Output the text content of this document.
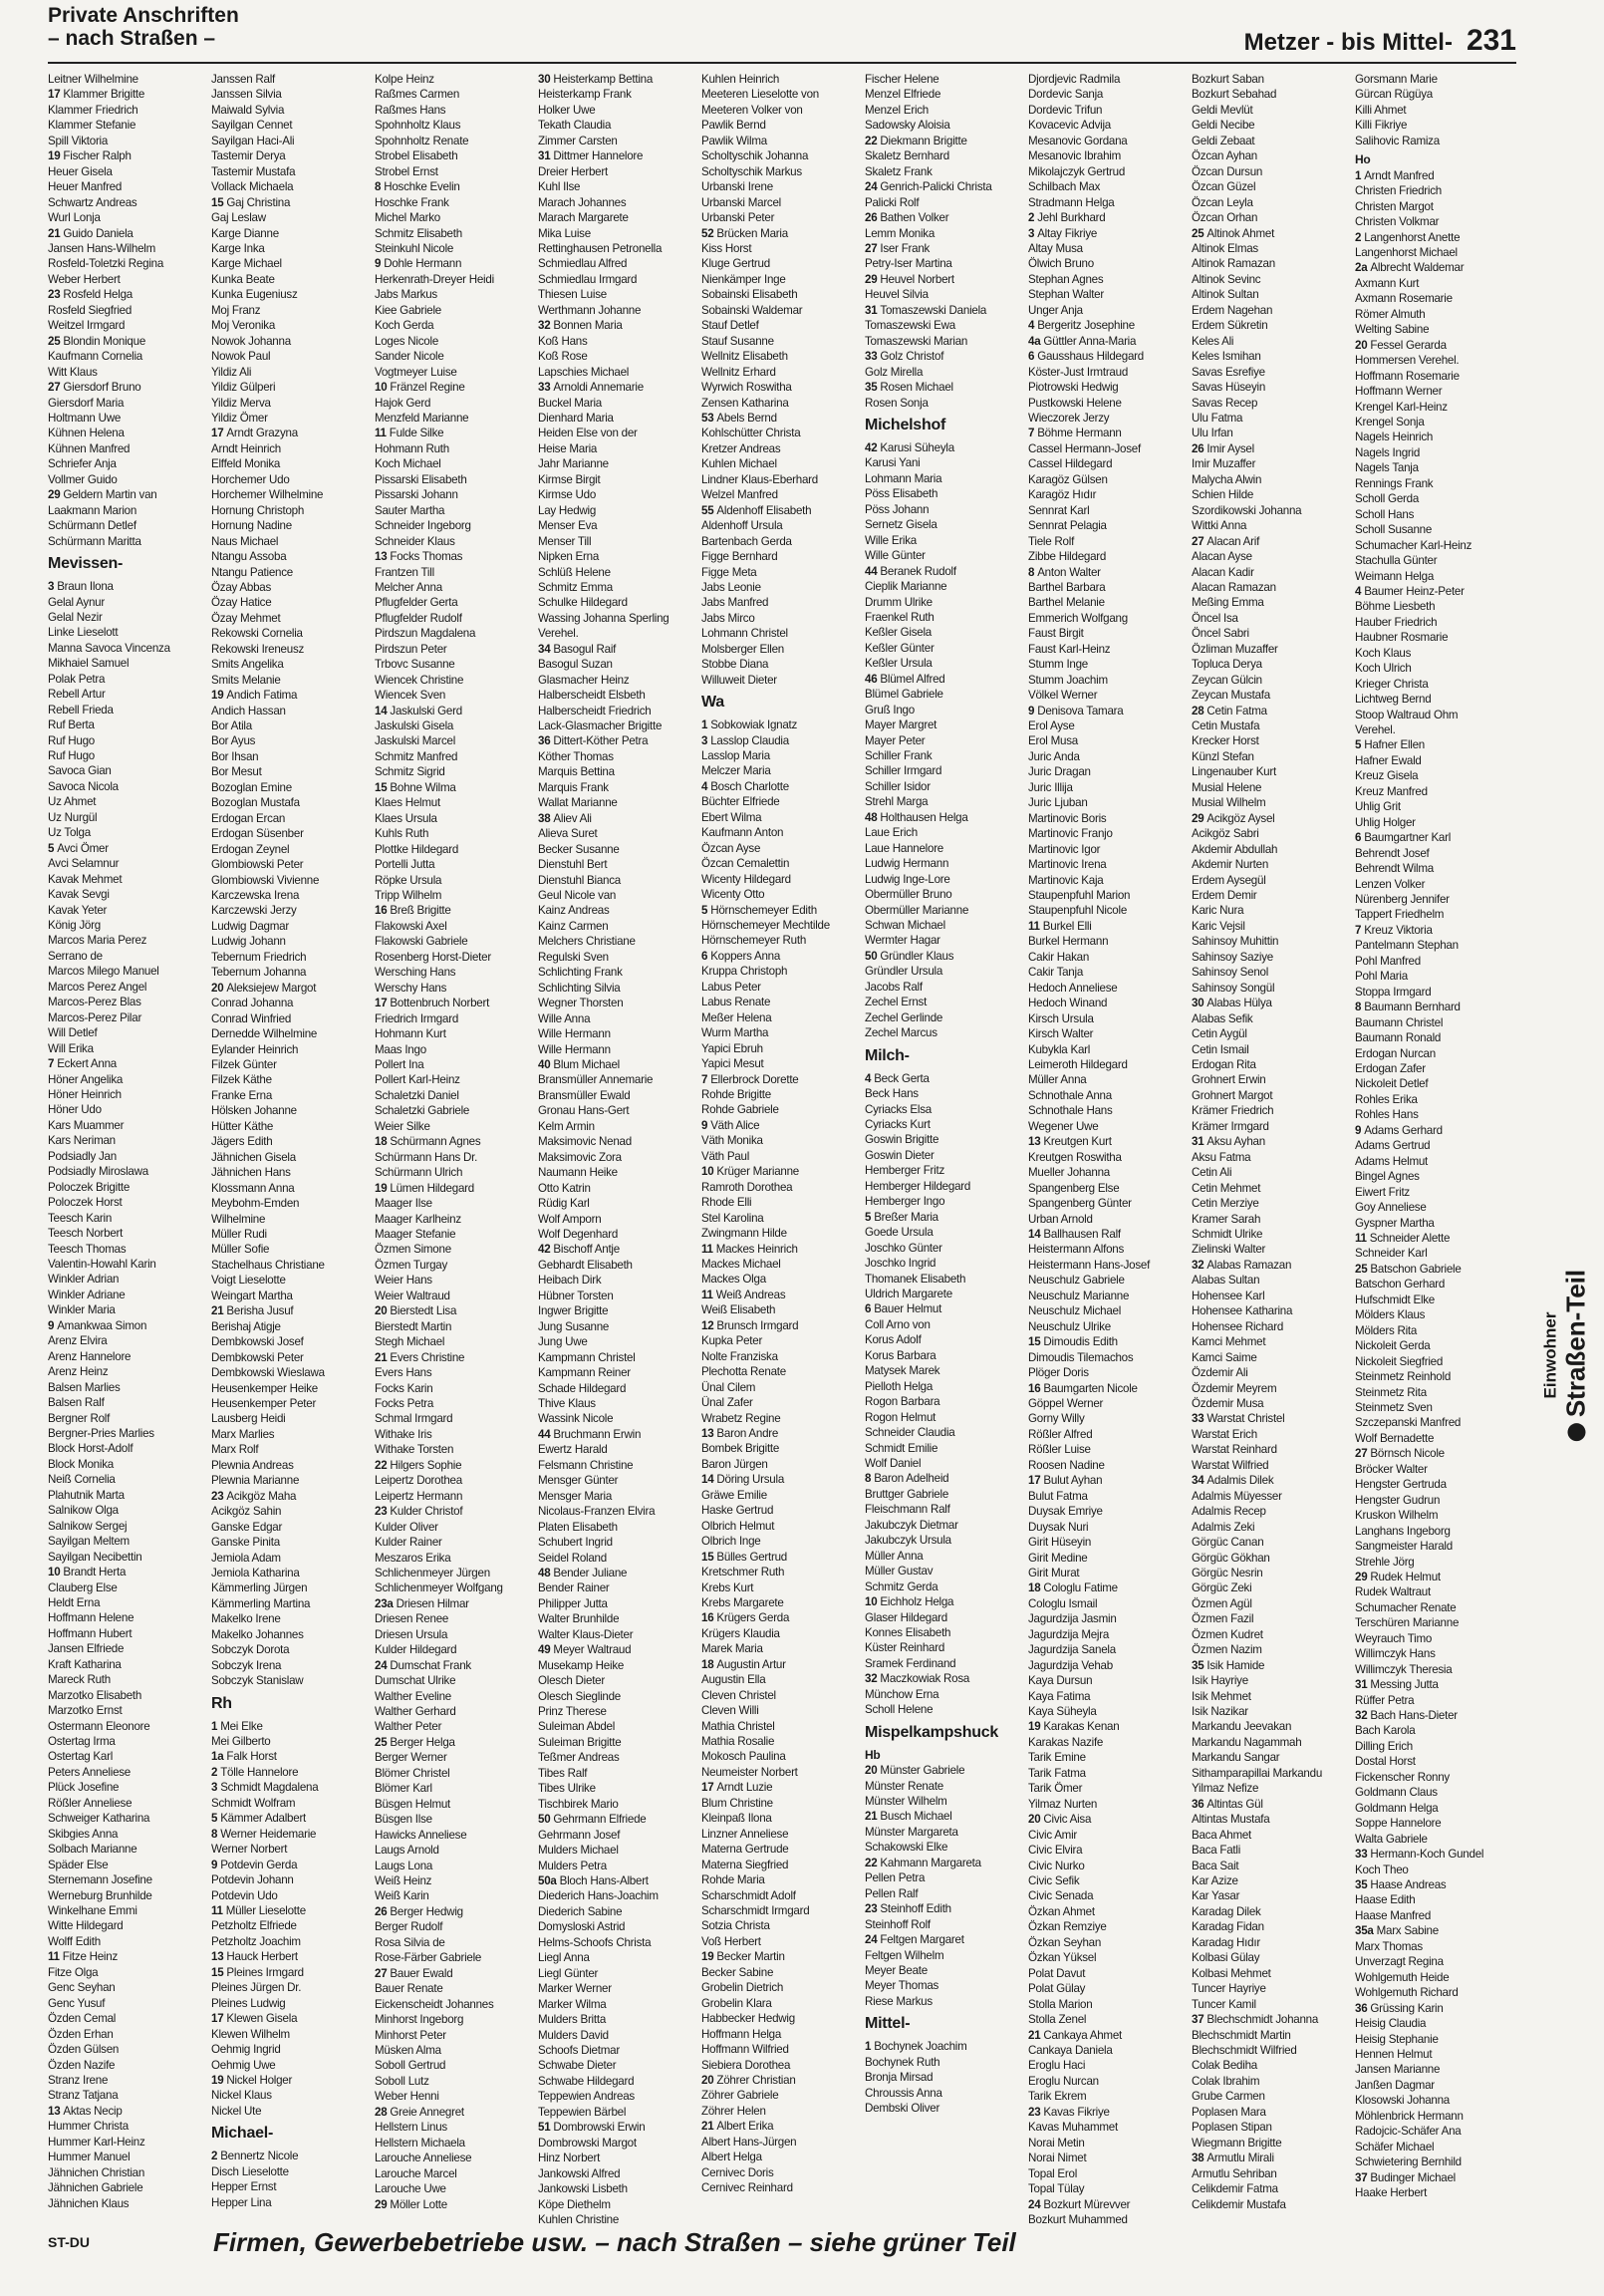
Private Anschriften
– nach Straßen –	Metzer - bis Mittel- 231
Leitner Wilhelmine
17 Klammer Brigitte
Klammer Friedrich
Klammer Stefanie
Spill Viktoria
19 Fischer Ralph
Heuer Gisela
Heuer Manfred
Schwartz Andreas
Wurl Lonja
21 Guido Daniela
Jansen Hans-Wilhelm
Rosfeld-Toletzki Regina
Weber Herbert
23 Rosfeld Helga
Rosfeld Siegfried
Weitzel Irmgard
25 Blondin Monique
Kaufmann Cornelia
Witt Klaus
27 Giersdorf Bruno
Giersdorf Maria
Holtmann Uwe
Kühnen Helena
Kühnen Manfred
Schriefer Anja
Vollmer Guido
29 Geldern Martin van
Laakmann Marion
Schürmann Detlef
Schürmann Maritta
Mevissen-
3 Braun Ilona
Gelal Aynur
Gelal Nezir
Linke Lieselott
Manna Savoca Vincenza
Mikhaiel Samuel
Polak Petra
Rebell Artur
Rebell Frieda
Ruf Berta
Ruf Hugo
Ruf Hugo
Savoca Gian
Savoca Nicola
Uz Ahmet
Uz Nurgül
Uz Tolga
5 Avci Ömer
Avci Selamnur
Kavak Mehmet
Kavak Sevgi
Kavak Yeter
König Jörg
Marcos Maria Perez
Serrano de
Marcos Milego Manuel
Marcos Perez Angel
Marcos-Perez Blas
Marcos-Perez Pilar
Will Detlef
Will Erika
7 Eckert Anna
Höner Angelika
Höner Heinrich
Höner Udo
Kars Muammer
Kars Neriman
Podsiadly Jan
Podsiadly Miroslawa
Poloczek Brigitte
Poloczek Horst
Teesch Karin
Teesch Norbert
Teesch Thomas
Valentin-Howahl Karin
Winkler Adrian
Winkler Adriane
Winkler Maria
9 Amankwaa Simon
Arenz Elvira
Arenz Hannelore
Arenz Heinz
Balsen Marlies
Balsen Ralf
Bergner Rolf
Bergner-Pries Marlies
Block Horst-Adolf
Block Monika
Neiß Cornelia
Plahutnik Marta
Salnikow Olga
Salnikow Sergej
Sayilgan Meltem
Sayilgan Necibettin
10 Brandt Herta
Clauberg Else
Heldt Erna
Hoffmann Helene
Hoffmann Hubert
Jansen Elfriede
Kraft Katharina
Mareck Ruth
Marzotko Elisabeth
Marzotko Ernst
Ostermann Eleonore
Ostertag Irma
Ostertag Karl
Peters Anneliese
Plück Josefine
Rößler Anneliese
Schweiger Katharina
Skibgies Anna
Solbach Marianne
Späder Else
Sternemann Josefine
Werneburg Brunhilde
Winkelhane Emmi
Witte Hildegard
Wolff Edith
11 Fitze Heinz
Fitze Olga
Genc Seyhan
Genc Yusuf
Özden Cemal
Özden Erhan
Özden Gülsen
Özden Nazife
Stranz Irene
Stranz Tatjana
13 Aktas Necip
Hummer Christa
Hummer Karl-Heinz
Hummer Manuel
Jähnichen Christian
Jähnichen Gabriele
Jähnichen Klaus
Janssen Ralf
Janssen Silvia
Maiwald Sylvia
Sayilgan Cennet
Sayilgan Haci-Ali
Tastemir Derya
Tastemir Mustafa
Vollack Michaela
15 Gaj Christina
Gaj Leslaw
Karge Dianne
Karge Inka
Karge Michael
Kunka Beate
Kunka Eugeniusz
Moj Franz
Moj Veronika
Nowok Johanna
Nowok Paul
Yildiz Ali
Yildiz Gülperi
Yildiz Merva
Yildiz Ömer
17 Arndt Grazyna
Arndt Heinrich
Elffeld Monika
Horchemer Udo
Horchemer Wilhelmine
Hornung Christoph
Hornung Nadine
Naus Michael
Ntangu Assoba
Ntangu Patience
Özay Abbas
Özay Hatice
Özay Mehmet
Rekowski Cornelia
Rekowski Ireneusz
Smits Angelika
Smits Melanie
19 Andich Fatima
Andich Hassan
Bor Atila
Bor Ayus
Bor Ihsan
Bor Mesut
Bozoglan Emine
Bozoglan Mustafa
Erdogan Ercan
Erdogan Süsenber
Erdogan Zeynel
Glombiowski Peter
Glombiowski Vivienne
Karczewska Irena
Karczewski Jerzy
Ludwig Dagmar
Ludwig Johann
Tebernum Friedrich
Tebernum Johanna
20 Aleksiejew Margot
Conrad Johanna
Conrad Winfried
Dernedde Wilhelmine
Eylander Heinrich
Filzek Günter
Filzek Käthe
Franke Erna
Hölsken Johanne
Hütter Käthe
Jägers Edith
Jähnichen Gisela
Jähnichen Hans
Klossmann Anna
Meybohm-Emden
Wilhelmine
Müller Rudi
Müller Sofie
Stachelhaus Christiane
Voigt Lieselotte
Weingart Martha
21 Berisha Jusuf
Berishaj Atigje
Dembkowski Josef
Dembkowski Peter
Dembkowski Wieslawa
Heusenkemper Heike
Heusenkemper Peter
Lausberg Heidi
Marx Marlies
Marx Rolf
Plewnia Andreas
Plewnia Marianne
23 Acikgöz Maha
Acikgöz Sahin
Ganske Edgar
Ganske Pinita
Jemiola Adam
Jemiola Katharina
Kämmerling Jürgen
Kämmerling Martina
Makelko Irene
Makelko Johannes
Sobczyk Dorota
Sobczyk Irena
Sobczyk Stanislaw
Rh
1 Mei Elke
Mei Gilberto
1a Falk Horst
2 Tölle Hannelore
3 Schmidt Magdalena
Schmidt Wolfram
5 Kämmer Adalbert
8 Werner Heidemarie
Werner Norbert
9 Potdevin Gerda
Potdevin Johann
Potdevin Udo
11 Müller Lieselotte
Petzholtz Elfriede
Petzholtz Joachim
13 Hauck Herbert
15 Pleines Irmgard
Pleines Jürgen Dr.
Pleines Ludwig
17 Klewen Gisela
Klewen Wilhelm
Oehmig Ingrid
Oehmig Uwe
19 Nickel Holger
Nickel Klaus
Nickel Ute
Michael-
2 Bennertz Nicole
Disch Lieselotte
Hepper Ernst
Hepper Lina
Kolpe Heinz
Raßmes Carmen
Raßmes Hans
Spohnholtz Klaus
Spohnholtz Renate
Strobel Elisabeth
Strobel Ernst
8 Hoschke Evelin
Hoschke Frank
Michel Marko
Schmitz Elisabeth
Steinkuhl Nicole
9 Dohle Hermann
Herkenrath-Dreyer Heidi
Jabs Markus
Kiee Gabriele
Koch Gerda
Loges Nicole
Sander Nicole
Vogtmeyer Luise
10 Fränzel Regine
Hajok Gerd
Menzfeld Marianne
11 Fulde Silke
Hohmann Ruth
Koch Michael
Pissarski Elisabeth
Pissarski Johann
Sauter Martha
Schneider Ingeborg
Schneider Klaus
13 Focks Thomas
Frantzen Till
Melcher Anna
Pflugfelder Gerta
Pflugfelder Rudolf
Pirdszun Magdalena
Pirdszun Peter
Trbovc Susanne
Wiencek Christine
Wiencek Sven
14 Jaskulski Gerd
Jaskulski Gisela
Jaskulski Marcel
Schmitz Manfred
Schmitz Sigrid
15 Bohne Wilma
Klaes Helmut
Klaes Ursula
Kuhls Ruth
Plottke Hildegard
Portelli Jutta
Röpke Ursula
Tripp Wilhelm
16 Breß Brigitte
Flakowski Axel
Flakowski Gabriele
Rosenberg Horst-Dieter
Wersching Hans
Werschy Hans
17 Bottenbruch Norbert
Friedrich Irmgard
Hohmann Kurt
Maas Ingo
Pollert Ina
Pollert Karl-Heinz
Schaletzki Daniel
Schaletzki Gabriele
Weier Silke
18 Schürmann Agnes
Schürmann Hans Dr.
Schürmann Ulrich
19 Lümen Hildegard
Maager Ilse
Maager Karlheinz
Maager Stefanie
Özmen Simone
Özmen Turgay
Weier Hans
Weier Waltraud
20 Bierstedt Lisa
Bierstedt Martin
Stegh Michael
21 Evers Christine
Evers Hans
Focks Karin
Focks Petra
Schmal Irmgard
Withake Iris
Withake Torsten
22 Hilgers Sophie
Leipertz Dorothea
Leipertz Hermann
23 Kulder Christof
Kulder Oliver
Kulder Rainer
Meszaros Erika
Schlichenmeyer Jürgen
Schlichenmeyer Wolfgang
23a Driesen Hilmar
Driesen Renee
Driesen Ursula
Kulder Hildegard
24 Dumschat Frank
Dumschat Ulrike
Walther Eveline
Walther Gerhard
Walther Peter
25 Berger Helga
Berger Werner
Blömer Christel
Blömer Karl
Büsgen Helmut
Büsgen Ilse
Hawicks Anneliese
Laugs Arnold
Laugs Lona
Weiß Heinz
Weiß Karin
26 Berger Hedwig
Berger Rudolf
Rosa Silvia de
Rose-Färber Gabriele
27 Bauer Ewald
Bauer Renate
Eickenscheidt Johannes
Minhorst Ingeborg
Minhorst Peter
Müsken Alma
Soboll Gertrud
Soboll Lutz
Weber Henni
28 Greie Annegret
Hellstern Linus
Hellstern Michaela
Larouche Anneliese
Larouche Marcel
Larouche Uwe
29 Möller Lotte
30 Heisterkamp Bettina
Heisterkamp Frank
Holker Uwe
Tekath Claudia
Zimmer Carsten
31 Dittmer Hannelore
Dreier Herbert
Kuhl Ilse
Marach Johannes
Marach Margarete
Mika Luise
Rettinghausen Petronella
Schmiedlau Alfred
Schmiedlau Irmgard
Thiesen Luise
Werthmann Johanne
32 Bonnen Maria
Koß Hans
Koß Rose
Lapschies Michael
33 Arnoldi Annemarie
Buckel Maria
Dienhard Maria
Heiden Else von der
Heise Maria
Jahr Marianne
Kirmse Birgit
Kirmse Udo
Lay Hedwig
Menser Eva
Menser Till
Nipken Erna
Schlüß Helene
Schmitz Emma
Schulke Hildegard
Wassing Johanna Sperling
Verehel.
34 Basogul Raif
Basogul Suzan
Glasmacher Heinz
Halberscheidt Elsbeth
Halberscheidt Friedrich
Lack-Glasmacher Brigitte
36 Dittert-Köther Petra
Köther Thomas
Marquis Bettina
Marquis Frank
Wallat Marianne
38 Aliev Ali
Alieva Suret
Becker Susanne
Dienstuhl Bert
Dienstuhl Bianca
Geul Nicole van
Kainz Andreas
Kainz Carmen
Melchers Christiane
Regulski Sven
Schlichting Frank
Schlichting Silvia
Wegner Thorsten
Wille Anna
Wille Hermann
Wille Hermann
40 Blum Michael
Bransmüller Annemarie
Bransmüller Ewald
Gronau Hans-Gert
Kelm Armin
Maksimovic Nenad
Maksimovic Zora
Naumann Heike
Otto Katrin
Rüdig Karl
Wolf Amporn
Wolf Degenhard
42 Bischoff Antje
Gebhardt Elisabeth
Heibach Dirk
Hübner Torsten
Ingwer Brigitte
Jung Susanne
Jung Uwe
Kampmann Christel
Kampmann Reiner
Schade Hildegard
Thive Klaus
Wassink Nicole
44 Bruchmann Erwin
Ewertz Harald
Felsmann Christine
Mensger Günter
Mensger Maria
Nicolaus-Franzen Elvira
Platen Elisabeth
Schubert Ingrid
Seidel Roland
48 Bender Juliane
Bender Rainer
Philipper Jutta
Walter Brunhilde
Walter Klaus-Dieter
49 Meyer Waltraud
Musekamp Heike
Olesch Dieter
Olesch Sieglinde
Prinz Therese
Suleiman Abdel
Suleiman Brigitte
Teßmer Andreas
Tibes Ralf
Tibes Ulrike
Tischbirek Mario
50 Gehrmann Elfriede
Gehrmann Josef
Mulders Michael
Mulders Petra
50a Bloch Hans-Albert
Diederich Hans-Joachim
Diederich Sabine
Domysloski Astrid
Helms-Schoofs Christa
Liegl Anna
Liegl Günter
Marker Werner
Marker Wilma
Mulders Britta
Mulders David
Schoofs Dietmar
Schwabe Dieter
Schwabe Hildegard
Teppewien Andreas
Teppewien Bärbel
51 Dombrowski Erwin
Dombrowski Margot
Hinz Norbert
Jankowski Alfred
Jankowski Lisbeth
Köpe Diethelm
Kuhlen Christine
Kuhlen Heinrich
Meeteren Lieselotte von
Meeteren Volker von
Pawlik Bernd
Pawlik Wilma
Scholtyschik Johanna
Scholtyschik Markus
Urbanski Irene
Urbanski Marcel
Urbanski Peter
52 Brücken Maria
Kiss Horst
Kluge Gertrud
Nienkämper Inge
Sobainski Elisabeth
Sobainski Waldemar
Stauf Detlef
Stauf Susanne
Wellnitz Elisabeth
Wellnitz Erhard
Wyrwich Roswitha
Zensen Katharina
53 Abels Bernd
Kohlschütter Christa
Kretzer Andreas
Kuhlen Michael
Lindner Klaus-Eberhard
Welzel Manfred
55 Aldenhoff Elisabeth
Aldenhoff Ursula
Bartenbach Gerda
Figge Bernhard
Figge Meta
Jabs Leonie
Jabs Manfred
Jabs Mirco
Lohmann Christel
Molsberger Ellen
Stobbe Diana
Willuweit Dieter
Wa
1 Sobkowiak Ignatz
3 Lasslop Claudia
Lasslop Maria
Melczer Maria
4 Bosch Charlotte
Büchter Elfriede
Ebert Wilma
Kaufmann Anton
Özcan Ayse
Özcan Cemalettin
Wicenty Hildegard
Wicenty Otto
5 Hörnschemeyer Edith
Hörnschemeyer Mechtilde
Hörnschemeyer Ruth
6 Koppers Anna
Kruppa Christoph
Labus Peter
Labus Renate
Meßer Helena
Wurm Martha
Yapici Ebruh
Yapici Mesut
7 Ellerbrock Dorette
Rohde Brigitte
Rohde Gabriele
9 Väth Alice
Väth Monika
Väth Paul
10 Krüger Marianne
Ramroth Dorothea
Rhode Elli
Stel Karolina
Zwingmann Hilde
11 Mackes Heinrich
Mackes Michael
Mackes Olga
11 Weiß Andreas
Weiß Elisabeth
12 Brunsch Irmgard
Kupka Peter
Nolte Franziska
Plechotta Renate
Ünal Cilem
Ünal Zafer
Wrabetz Regine
13 Baron Andre
Bombek Brigitte
Baron Jürgen
14 Döring Ursula
Gräwe Emilie
Haske Gertrud
Olbrich Helmut
Olbrich Inge
15 Bülles Gertrud
Kretschmer Ruth
Krebs Kurt
Krebs Margarete
16 Krügers Gerda
Krügers Klaudia
Marek Maria
18 Augustin Artur
Augustin Ella
Cleven Christel
Cleven Willi
Mathia Christel
Mathia Rosalie
Mokosch Paulina
Neumeister Norbert
17 Arndt Luzie
Blum Christine
Kleinpaß Ilona
Linzner Anneliese
Materna Gertrude
Materna Siegfried
Rohde Maria
Scharschmidt Adolf
Scharschmidt Irmgard
Sotzia Christa
Voß Herbert
19 Becker Martin
Becker Sabine
Grobelin Dietrich
Grobelin Klara
Habbecker Hedwig
Hoffmann Helga
Hoffmann Wilfried
Siebiera Dorothea
20 Zöhrer Christian
Zöhrer Gabriele
Zöhrer Helen
21 Albert Erika
Albert Hans-Jürgen
Albert Helga
Cernivec Doris
Cernivec Reinhard
Fischer Helene
Menzel Elfriede
Menzel Erich
Sadowsky Aloisia
22 Diekmann Brigitte
Skaletz Bernhard
Skaletz Frank
24 Genrich-Palicki Christa
Palicki Rolf
26 Bathen Volker
Lemm Monika
27 Iser Frank
Petry-Iser Martina
29 Heuvel Norbert
Heuvel Silvia
31 Tomaszewski Daniela
Tomaszewski Ewa
Tomaszewski Marian
33 Golz Christof
Golz Mirella
35 Rosen Michael
Rosen Sonja
Michelshof
42 Karusi Süheyla
Karusi Yani
Lohmann Maria
Pöss Elisabeth
Pöss Johann
Sernetz Gisela
Wille Erika
Wille Günter
44 Beranek Rudolf
Cieplik Marianne
Drumm Ulrike
Fraenkel Ruth
Keßler Gisela
Keßler Günter
Keßler Ursula
46 Blümel Alfred
Blümel Gabriele
Gruß Ingo
Mayer Margret
Mayer Peter
Schiller Frank
Schiller Irmgard
Schiller Isidor
Strehl Marga
48 Holthausen Helga
Laue Erich
Laue Hannelore
Ludwig Hermann
Ludwig Inge-Lore
Obermüller Bruno
Obermüller Marianne
Schwan Michael
Wermter Hagar
50 Gründler Klaus
Gründler Ursula
Jacobs Ralf
Zechel Ernst
Zechel Gerlinde
Zechel Marcus
Milch-
4 Beck Gerta
Beck Hans
Cyriacks Elsa
Cyriacks Kurt
Goswin Brigitte
Goswin Dieter
Hemberger Fritz
Hemberger Hildegard
Hemberger Ingo
5 Breßer Maria
Goede Ursula
Joschko Günter
Joschko Ingrid
Thomanek Elisabeth
Uldrich Margarete
6 Bauer Helmut
Coll Arno von
Korus Adolf
Korus Barbara
Matysek Marek
Pielloth Helga
Rogon Barbara
Rogon Helmut
Schneider Claudia
Schmidt Emilie
Wolf Daniel
8 Baron Adelheid
Bruttger Gabriele
Fleischmann Ralf
Jakubczyk Dietmar
Jakubczyk Ursula
Müller Anna
Müller Gustav
Schmitz Gerda
10 Eichholz Helga
Glaser Hildegard
Konnes Elisabeth
Küster Reinhard
Sramek Ferdinand
32 Maczkowiak Rosa
Münchow Erna
Scholl Helene
Mispelkampshuck
Hb
20 Münster Gabriele
Münster Renate
Münster Wilhelm
21 Busch Michael
Münster Margareta
Schakowski Elke
22 Kahmann Margareta
Pellen Petra
Pellen Ralf
23 Steinhoff Edith
Steinhoff Rolf
24 Feltgen Margaret
Feltgen Wilhelm
Meyer Beate
Meyer Thomas
Riese Markus
Mittel-
1 Bochynek Joachim
Bochynek Ruth
Bronja Mirsad
Chroussis Anna
Dembski Oliver
Djordjevic Radmila
Dordevic Sanja
Dordevic Trifun
Kovacevic Advija
Mesanovic Gordana
Mesanovic Ibrahim
Mikolajczyk Gertrud
Schilbach Max
Stradmann Helga
2 Jehl Burkhard
3 Altay Fikriye
Altay Musa
Ölwich Bruno
Stephan Agnes
Stephan Walter
Unger Anja
4 Bergeritz Josephine
4a Güttler Anna-Maria
6 Gausshaus Hildegard
Köster-Just Irmtraud
Piotrowski Hedwig
Pustkowski Helene
Wieczorek Jerzy
7 Böhme Hermann
Cassel Hermann-Josef
Cassel Hildegard
Karagöz Gülsen
Karagöz Hıdır
Sennrat Karl
Sennrat Pelagia
Tiele Rolf
Zibbe Hildegard
8 Anton Walter
Barthel Barbara
Barthel Melanie
Emmerich Wolfgang
Faust Birgit
Faust Karl-Heinz
Stumm Inge
Stumm Joachim
Völkel Werner
9 Denisova Tamara
Erol Ayse
Erol Musa
Juric Anda
Juric Dragan
Juric Illija
Juric Ljuban
Martinovic Boris
Martinovic Franjo
Martinovic Igor
Martinovic Irena
Martinovic Kaja
Staupenpfuhl Marion
Staupenpfuhl Nicole
11 Burkel Elli
Burkel Hermann
Cakir Hakan
Cakir Tanja
Hedoch Anneliese
Hedoch Winand
Kirsch Ursula
Kirsch Walter
Kubykla Karl
Leimeroth Hildegard
Müller Anna
Schnothale Anna
Schnothale Hans
Wegener Uwe
13 Kreutgen Kurt
Kreutgen Roswitha
Mueller Johanna
Spangenberg Else
Spangenberg Günter
Urban Arnold
14 Ballhausen Ralf
Heistermann Alfons
Heistermann Hans-Josef
Neuschulz Gabriele
Neuschulz Marianne
Neuschulz Michael
Neuschulz Ulrike
15 Dimoudis Edith
Dimoudis Tilemachos
Plöger Doris
16 Baumgarten Nicole
Göppel Werner
Gorny Willy
Rößler Alfred
Rößler Luise
Roosen Nadine
17 Bulut Ayhan
Bulut Fatma
Duysak Emriye
Duysak Nuri
Girit Hüseyin
Girit Medine
Girit Murat
18 Cologlu Fatime
Cologlu Ismail
Jagurdzija Jasmin
Jagurdzija Mejra
Jagurdzija Sanela
Jagurdzija Vehab
Kaya Dursun
Kaya Fatima
Kaya Süheyla
19 Karakas Kenan
Karakas Nazife
Tarik Emine
Tarik Fatma
Tarik Ömer
Yilmaz Nurten
20 Civic Aisa
Civic Amir
Civic Elvira
Civic Nurko
Civic Sefik
Civic Senada
Özkan Ahmet
Özkan Remziye
Özkan Seyhan
Özkan Yüksel
Polat Davut
Polat Gülay
Stolla Marion
Stolla Zenel
21 Cankaya Ahmet
Cankaya Daniela
Eroglu Haci
Eroglu Nurcan
Tarik Ekrem
23 Kavas Fikriye
Kavas Muhammet
Norai Metin
Norai Nimet
Topal Erol
Topal Tülay
24 Bozkurt Mürevver
Bozkurt Muhammed
Bozkurt Saban
Bozkurt Sebahad
Geldi Mevlüt
Geldi Necibe
Geldi Zebaat
Özcan Ayhan
Özcan Dursun
Özcan Güzel
Özcan Leyla
Özcan Orhan
25 Altinok Ahmet
Altinok Elmas
Altinok Ramazan
Altinok Sevinc
Altinok Sultan
Erdem Nagehan
Erdem Sükretin
Keles Ali
Keles Ismihan
Savas Esrefiye
Savas Hüseyin
Savas Recep
Ulu Fatma
Ulu Irfan
26 Imir Aysel
Imir Muzaffer
Malycha Alwin
Schien Hilde
Szordikowski Johanna
Wittki Anna
27 Alacan Arif
Alacan Ayse
Alacan Kadir
Alacan Ramazan
Meßing Emma
Öncel Isa
Öncel Sabri
Özliman Muzaffer
Topluca Derya
Zeycan Gülcin
Zeycan Mustafa
28 Cetin Fatma
Cetin Mustafa
Krecker Horst
Künzl Stefan
Lingenauber Kurt
Musial Helene
Musial Wilhelm
29 Acikgöz Aysel
Acikgöz Sabri
Akdemir Abdullah
Akdemir Nurten
Erdem Aysegül
Erdem Demir
Karic Nura
Karic Vejsil
Sahinsoy Muhittin
Sahinsoy Saziye
Sahinsoy Senol
Sahinsoy Songül
30 Alabas Hülya
Alabas Sefik
Cetin Aygül
Cetin Ismail
Erdogan Rita
Grohnert Erwin
Grohnert Margot
Krämer Friedrich
Krämer Irmgard
31 Aksu Ayhan
Aksu Fatma
Cetin Ali
Cetin Mehmet
Cetin Merziye
Kramer Sarah
Schmidt Ulrike
Zielinski Walter
32 Alabas Ramazan
Alabas Sultan
Hohensee Karl
Hohensee Katharina
Hohensee Richard
Kamci Mehmet
Kamci Saime
Özdemir Ali
Özdemir Meyrem
Özdemir Musa
33 Warstat Christel
Warstat Erich
Warstat Reinhard
Warstat Wilfried
34 Adalmis Dilek
Adalmis Müyesser
Adalmis Recep
Adalmis Zeki
Görgüc Canan
Görgüc Gökhan
Görgüc Nesrin
Görgüc Zeki
Özmen Agül
Özmen Fazil
Özmen Kudret
Özmen Nazim
35 Isik Hamide
Isik Hayriye
Isik Mehmet
Isik Nazikar
Markandu Jeevakan
Markandu Nagammah
Markandu Sangar
Sithamparapillai Markandu
Yilmaz Nefize
36 Altintas Gül
Altintas Mustafa
Baca Ahmet
Baca Fatli
Baca Sait
Kar Azize
Kar Yasar
Karadag Dilek
Karadag Fidan
Karadag Hıdır
Kolbasi Gülay
Kolbasi Mehmet
Tuncer Hayriye
Tuncer Kamil
37 Blechschmidt Johanna
Blechschmidt Martin
Blechschmidt Wilfried
Colak Bediha
Colak Ibrahim
Grube Carmen
Poplasen Mara
Poplasen Stipan
Wiegmann Brigitte
38 Armutlu Mirali
Armutlu Sehriban
Celikdemir Fatma
Celikdemir Mustafa
Gorsmann Marie
Gürcan Rügüya
Killi Ahmet
Killi Fikriye
Salihovic Ramiza
Ho
1 Arndt Manfred
Christen Friedrich
Christen Margot
Christen Volkmar
2 Langenhorst Anette
Langenhorst Michael
2a Albrecht Waldemar
Axmann Kurt
Axmann Rosemarie
Römer Almuth
Welting Sabine
20 Fessel Gerarda
Hommersen Verehel.
Hoffmann Rosemarie
Hoffmann Werner
Krengel Karl-Heinz
Krengel Sonja
Nagels Heinrich
Nagels Ingrid
Nagels Tanja
Rennings Frank
Scholl Gerda
Scholl Hans
Scholl Susanne
Schumacher Karl-Heinz
Stachulla Günter
Weimann Helga
4 Baumer Heinz-Peter
Böhme Liesbeth
Hauber Friedrich
Haubner Rosmarie
Koch Klaus
Koch Ulrich
Krieger Christa
Lichtweg Bernd
Stoop Waltraud Ohm
Verehel.
5 Hafner Ellen
Hafner Ewald
Kreuz Gisela
Kreuz Manfred
Uhlig Grit
Uhlig Holger
6 Baumgartner Karl
Behrendt Josef
Behrendt Wilma
Lenzen Volker
Nürenberg Jennifer
Tappert Friedhelm
7 Kreuz Viktoria
Pantelmann Stephan
Pohl Manfred
Pohl Maria
Stoppa Irmgard
8 Baumann Bernhard
Baumann Christel
Baumann Ronald
Erdogan Nurcan
Erdogan Zafer
Nickoleit Detlef
Rohles Erika
Rohles Hans
9 Adams Gerhard
Adams Gertrud
Adams Helmut
Bingel Agnes
Eiwert Fritz
Goy Anneliese
Gyspner Martha
11 Schneider Alette
Schneider Karl
25 Batschon Gabriele
Batschon Gerhard
Hufschmidt Elke
Mölders Klaus
Mölders Rita
Nickoleit Gerda
Nickoleit Siegfried
Steinmetz Reinhold
Steinmetz Rita
Steinmetz Sven
Szczepanski Manfred
Wolf Bernadette
27 Börnsch Nicole
Bröcker Walter
Hengster Gertruda
Hengster Gudrun
Kruskon Wilhelm
Langhans Ingeborg
Sangmeister Harald
Strehle Jörg
29 Rudek Helmut
Rudek Waltraut
Schumacher Renate
Terschüren Marianne
Weyrauch Timo
Willimczyk Hans
Willimczyk Theresia
31 Messing Jutta
Rüffer Petra
32 Bach Hans-Dieter
Bach Karola
Dilling Erich
Dostal Horst
Fickenscher Ronny
Goldmann Claus
Goldmann Helga
Soppe Hannelore
Walta Gabriele
33 Hermann-Koch Gundel
Koch Theo
35 Haase Andreas
Haase Edith
Haase Manfred
35a Marx Sabine
Marx Thomas
Unverzagt Regina
Wohlgemuth Heide
Wohlgemuth Richard
36 Grüssing Karin
Heisig Claudia
Heisig Stephanie
Hennen Helmut
Jansen Marianne
Janßen Dagmar
Klosowski Johanna
Möhlenbrick Hermann
Radojcic-Schäfer Ana
Schäfer Michael
Schwietering Bernhild
37 Budinger Michael
Haake Herbert
Einwohner Straßen-Teil
ST-DU	Firmen, Gewerbebetriebe usw. – nach Straßen – siehe grüner Teil
